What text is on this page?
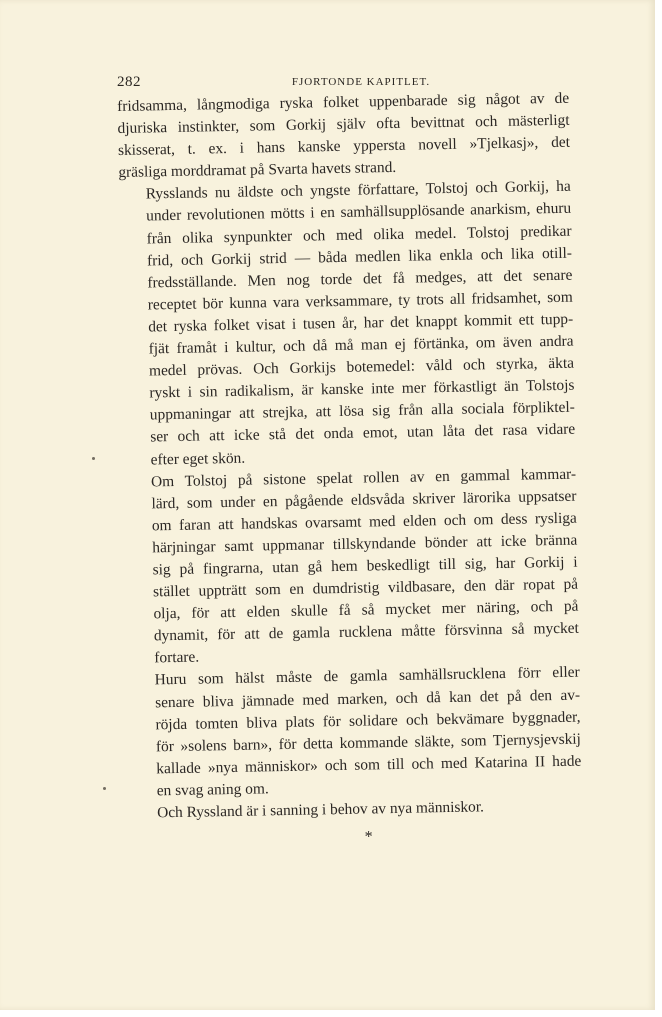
282	FJORTONDE KAPITLET.

fridsamma, långmodiga ryska folket uppenbarade sig något av de
djuriska instinkter, som Gorkij själv ofta bevittnat och mästerligt
skisserat, t. ex. i hans kanske yppersta novell »Tjelkasj», det
gräsliga morddramat på Svarta havets strand.

Rysslands nu äldste och yngste författare, Tolstoj och Gorkij, ha
under revolutionen mötts i en samhällsupplösande anarkism, ehuru
från olika synpunkter och med olika medel. Tolstoj predikar
frid, och Gorkij strid — båda medlen lika enkla och lika otill-
fredsställande. Men nog torde det få medges, att det senare
receptet bör kunna vara verksammare, ty trots all fridsamhet, som
det ryska folket visat i tusen år, har det knappt kommit ett tupp-
fjät framåt i kultur, och då må man ej förtänka, om även andra
medel prövas. Och Gorkijs botemedel: våld och styrka, äkta
ryskt i sin radikalism, är kanske inte mer förkastligt än Tolstojs
uppmaningar att strejka, att lösa sig från alla sociala förpliktel-
ser och att icke stå det onda emot, utan låta det rasa vidare
efter eget skön.

Om Tolstoj på sistone spelat rollen av en gammal kammar-
lärd, som under en pågående eldsvåda skriver lärorika uppsatser
om faran att handskas ovarsamt med elden och om dess rysliga
härjningar samt uppmanar tillskyndande bönder att icke bränna
sig på fingrarna, utan gå hem beskedligt till sig, har Gorkij i
stället uppträtt som en dumdristig vildbasare, den där ropat på
olja, för att elden skulle få så mycket mer näring, och på
dynamit, för att de gamla rucklena måtte försvinna så mycket
fortare.

Huru som hälst måste de gamla samhällsrucklena förr eller
senare bliva jämnade med marken, och då kan det på den av-
röjda tomten bliva plats för solidare och bekvämare byggnader,
för »solens barn», för detta kommande släkte, som Tjernysjevskij
kallade »nya människor» och som till och med Katarina II hade
en svag aning om.

Och Ryssland är i sanning i behov av nya människor.

*
